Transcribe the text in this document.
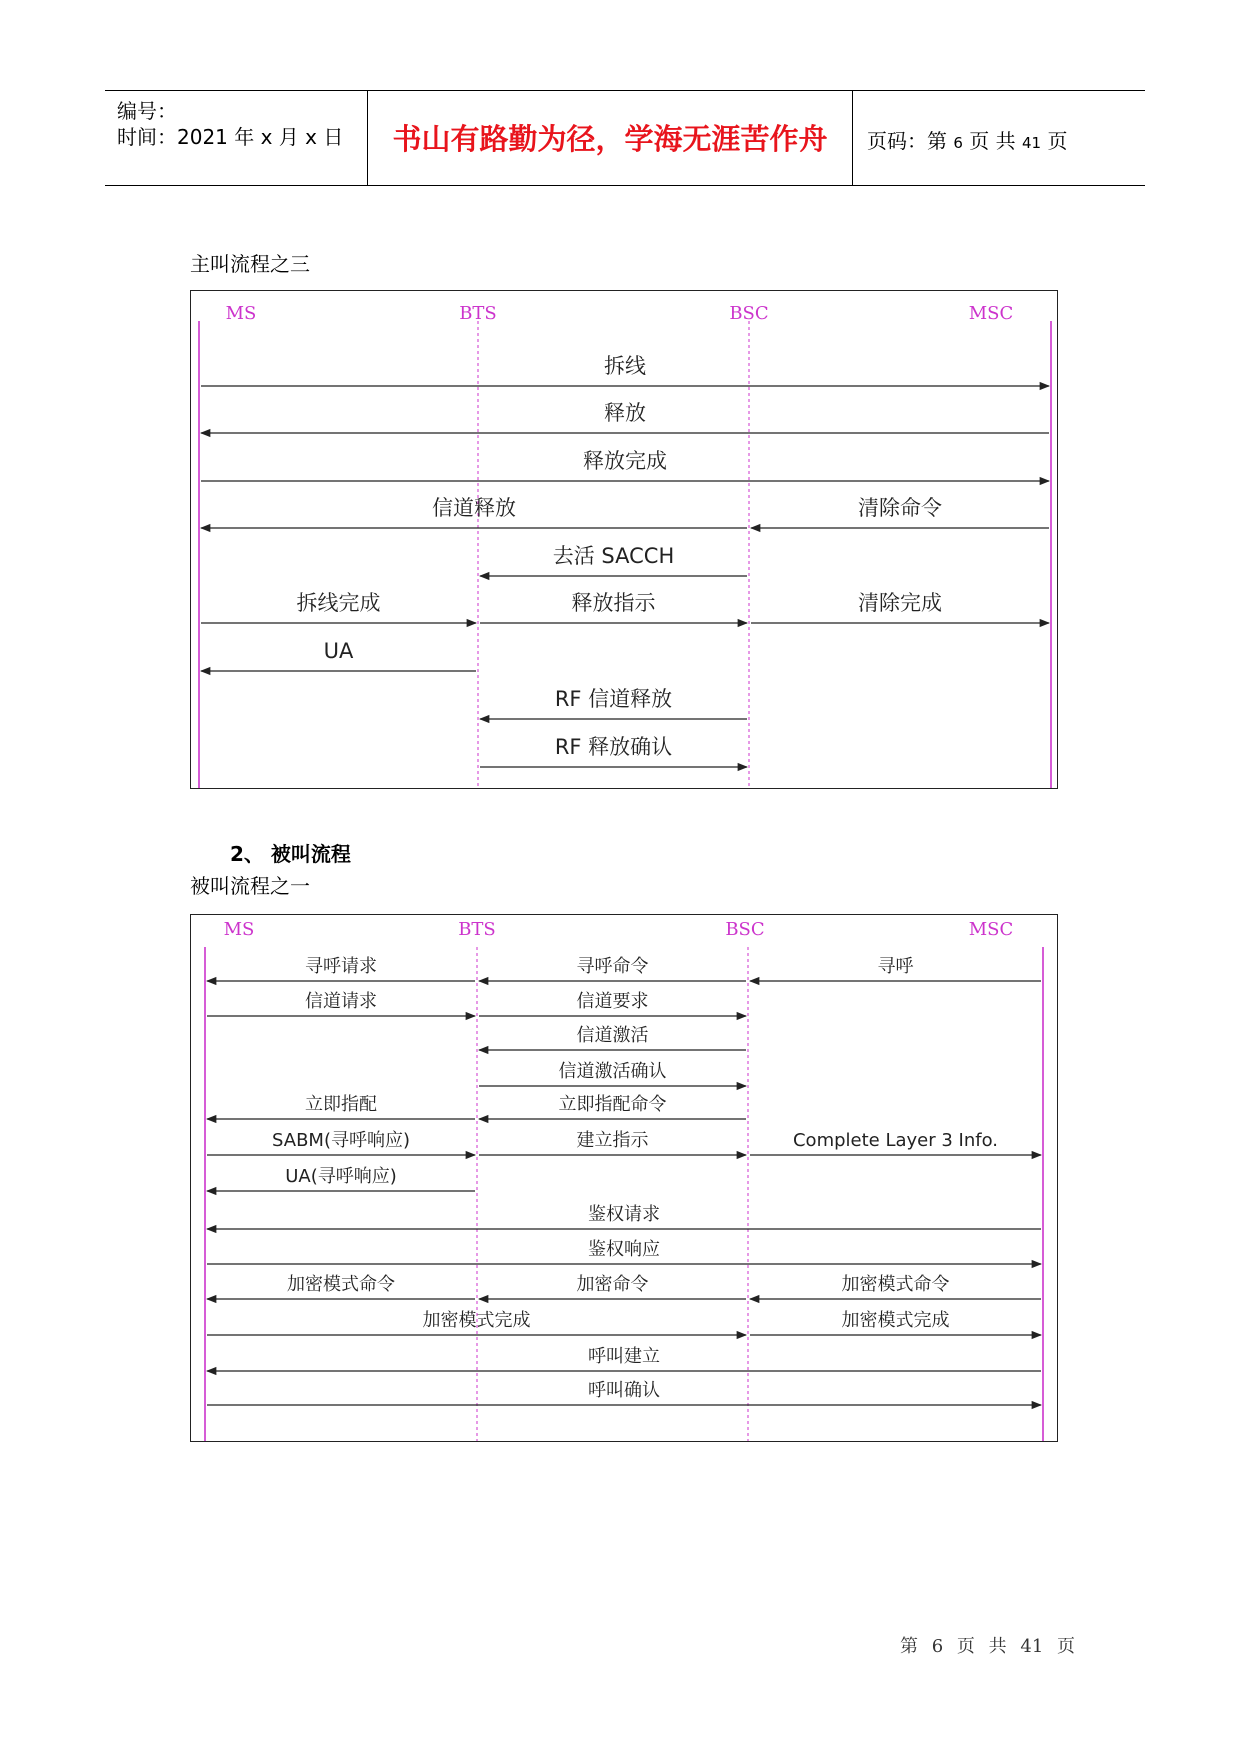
编号：
时间：2021 年 x 月 x 日	书山有路勤为径，学海无涯苦作舟	页码：第 6 页 共 41 页
主叫流程之三
MS	BTS	BSC	MSC
拆线
释放
释放完成
信道释放	清除命令
去活 SACCH
拆线完成	释放指示	清除完成
UA
RF 信道释放
RF 释放确认
2、 被叫流程
被叫流程之一
MS	BTS	BSC	MSC
寻呼请求	寻呼命令	寻呼
信道请求	信道要求
信道激活
信道激活确认
立即指配	立即指配命令
SABM(寻呼响应)	建立指示	Complete Layer 3 Info.
UA(寻呼响应)
鉴权请求
鉴权响应
加密模式命令	加密命令	加密模式命令
加密模式完成	加密模式完成
呼叫建立
呼叫确认
第 6 页 共 41 页
